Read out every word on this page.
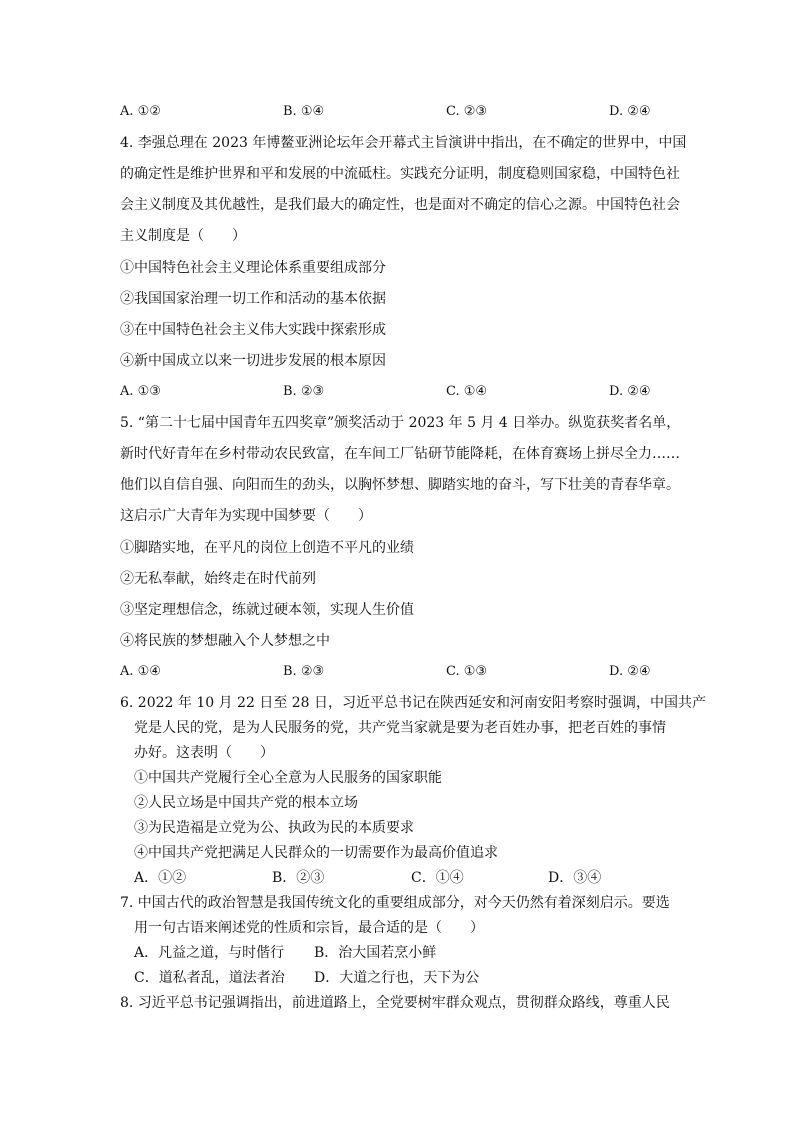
A. ①②	B. ①④	C. ②③	D. ②④
4. 李强总理在 2023 年博鳌亚洲论坛年会开幕式主旨演讲中指出，在不确定的世界中，中国
的确定性是维护世界和平和发展的中流砥柱。实践充分证明，制度稳则国家稳，中国特色社
会主义制度及其优越性，是我们最大的确定性，也是面对不确定的信心之源。中国特色社会
主义制度是（　　）
①中国特色社会主义理论体系重要组成部分
②我国国家治理一切工作和活动的基本依据
③在中国特色社会主义伟大实践中探索形成
④新中国成立以来一切进步发展的根本原因
A. ①③	B. ②③	C. ①④	D. ②④
5. “第二十七届中国青年五四奖章”颁奖活动于 2023 年 5 月 4 日举办。纵览获奖者名单，
新时代好青年在乡村带动农民致富，在车间工厂钻研节能降耗，在体育赛场上拼尽全力……
他们以自信自强、向阳而生的劲头，以胸怀梦想、脚踏实地的奋斗，写下壮美的青春华章。
这启示广大青年为实现中国梦要（　　）
①脚踏实地，在平凡的岗位上创造不平凡的业绩
②无私奉献，始终走在时代前列
③坚定理想信念，练就过硬本领，实现人生价值
④将民族的梦想融入个人梦想之中
A. ①④	B. ②③	C. ①③	D. ②④
6. 2022 年 10 月 22 日至 28 日，习近平总书记在陕西延安和河南安阳考察时强调，中国共产
党是人民的党，是为人民服务的党，共产党当家就是要为老百姓办事，把老百姓的事情
办好。这表明（　　）
①中国共产党履行全心全意为人民服务的国家职能
②人民立场是中国共产党的根本立场
③为民造福是立党为公、执政为民的本质要求
④中国共产党把满足人民群众的一切需要作为最高价值追求
A．①②	B．②③	C．①④	D．③④
7. 中国古代的政治智慧是我国传统文化的重要组成部分，对今天仍然有着深刻启示。要选
用一句古语来阐述党的性质和宗旨，最合适的是（　　）
A．凡益之道，与时偕行 B．治大国若烹小鲜
C．道私者乱，道法者治 D．大道之行也，天下为公
8. 习近平总书记强调指出，前进道路上，全党要树牢群众观点，贯彻群众路线，尊重人民
